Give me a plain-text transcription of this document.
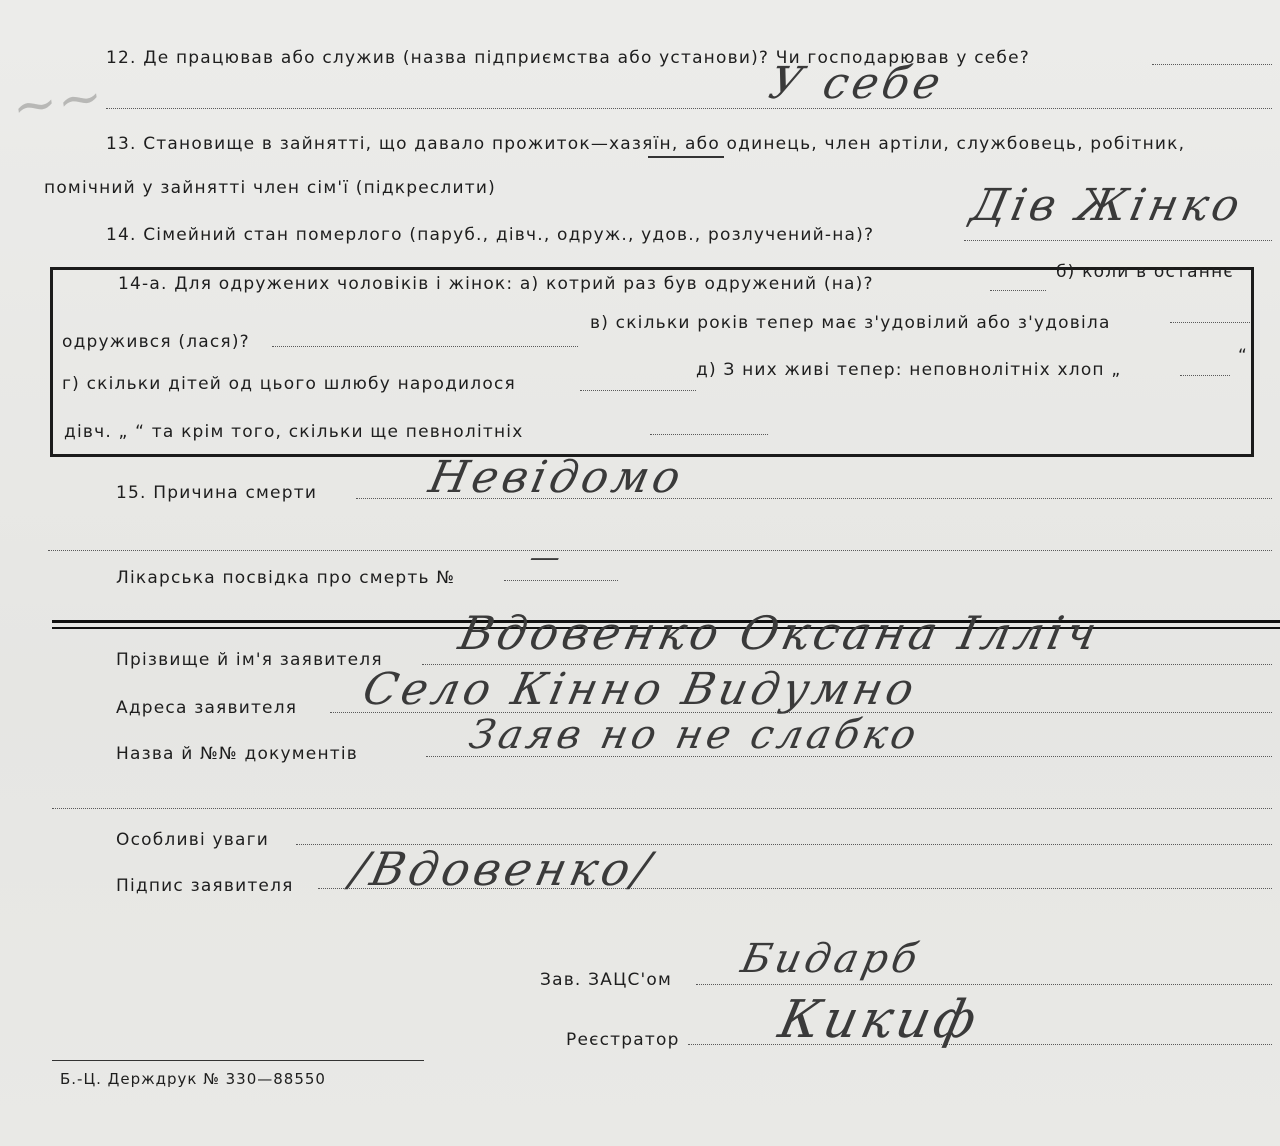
~~
12. Де працював або служив (назва підприємства або установи)? Чи господарював у себе?
У себе
13. Становище в зайнятті, що давало прожиток—хазяїн, або одинець, член артіли, службовець, робітник,
помічний у зайнятті член сім'ї (підкреслити)
14. Сімейний стан померлого (паруб., дівч., одруж., удов., розлучений-на)?
Дів Жінко
14-а. Для одружених чоловіків і жінок: а) котрий раз був одружений (на)?
б) коли в останнє
одружився (лася)?
в) скільки років тепер має з'удовілий або з'удовіла
г) скільки дітей од цього шлюбу народилося
д) З них живі тепер: неповнолітніх хлоп „
“
дівч. „ “ та крім того, скільки ще певнолітніх
15. Причина смерти Невідомо
Лікарська посвідка про смерть №
—
Прізвище й ім'я заявителя Вдовенко Оксана Ілліч
Адреса заявителя Село Кінно Видумно
Назва й №№ документів	Заяв но не слабко
Особливі уваги
Підпис заявителя /Вдовенко/
Зав. ЗАЦС'ом Бидарб
Реєстратор Кикиф
Б.-Ц. Держдрук № 330—88550
